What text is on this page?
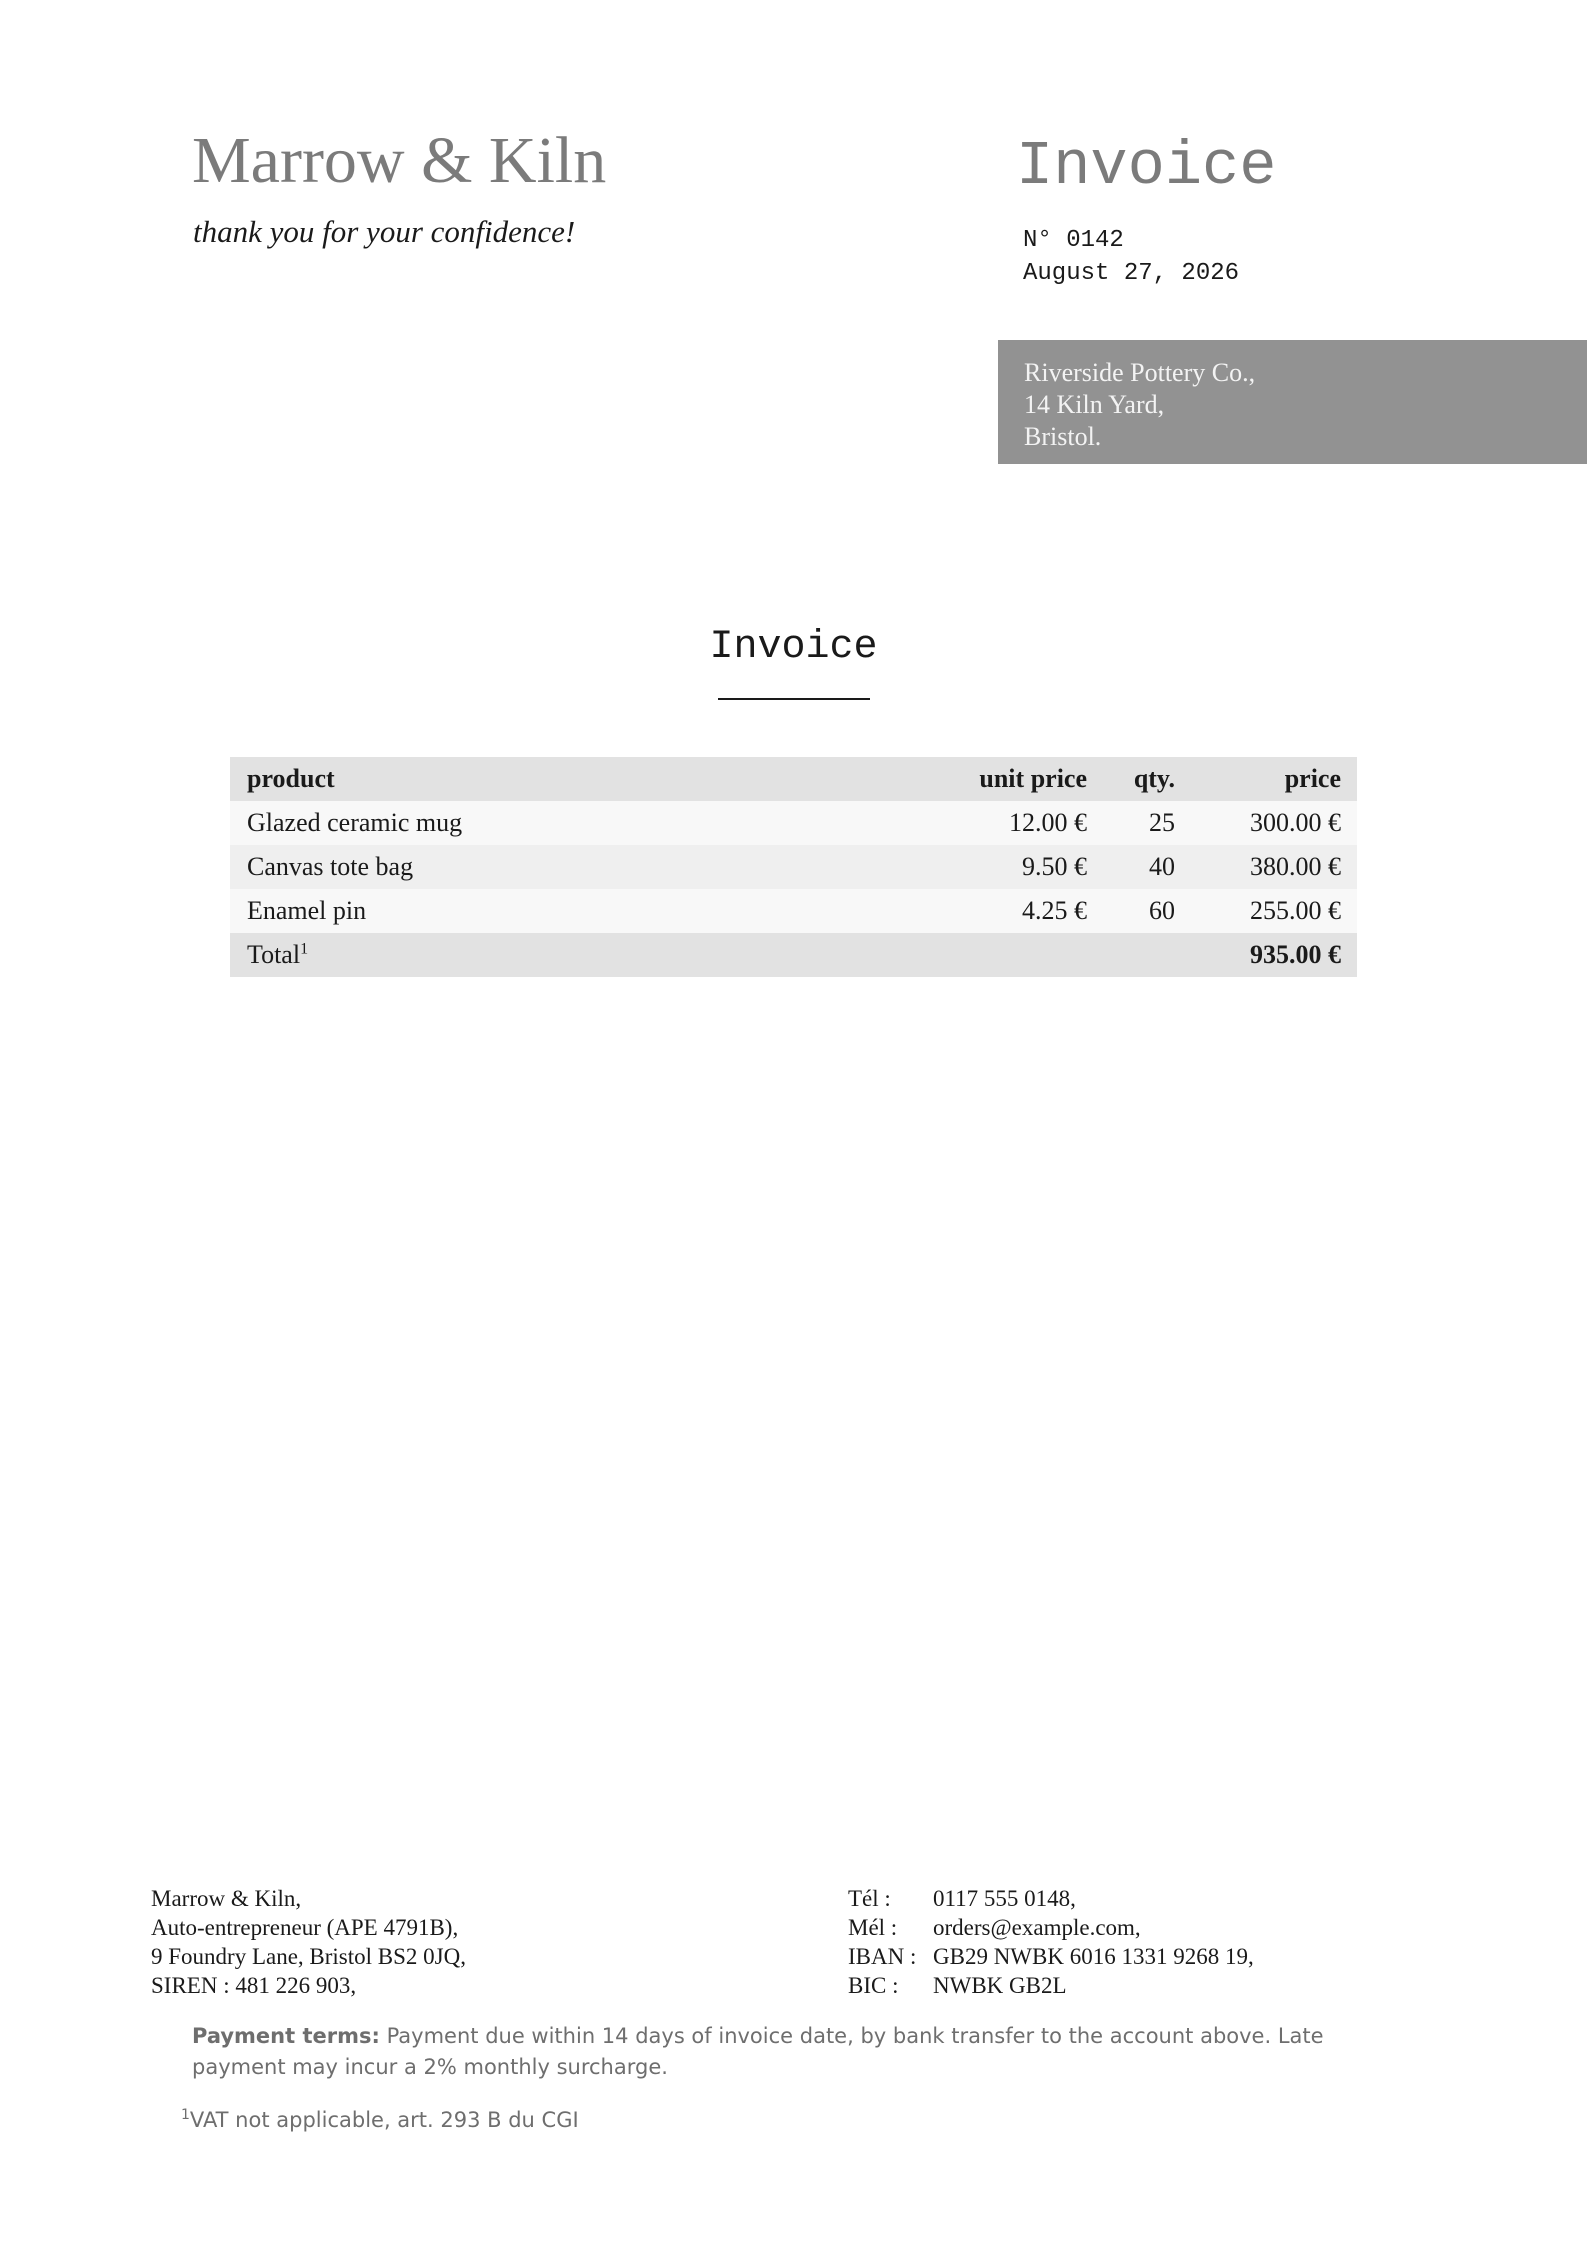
Marrow & Kiln
thank you for your confidence!
Invoice
N° 0142
August 27, 2026
Riverside Pottery Co.,
14 Kiln Yard,
Bristol.
Invoice
product	unit price	qty.	price
Glazed ceramic mug	12.00 €	25	300.00 €
Canvas tote bag	9.50 €	40	380.00 €
Enamel pin	4.25 €	60	255.00 €
Total$^1$			935.00 €
Marrow & Kiln,
Auto-entrepreneur (APE 4791B),
9 Foundry Lane, Bristol BS2 0JQ,
SIREN : 481 226 903,
Tél : 0117 555 0148,
Mél : orders@example.com,
IBAN : GB29 NWBK 6016 1331 9268 19,
BIC : NWBK GB2L
Payment terms: Payment due within 14 days of invoice date, by bank transfer to the account above. Late payment may incur a 2% monthly surcharge.
$^1$VAT not applicable, art. 293 B du CGI
